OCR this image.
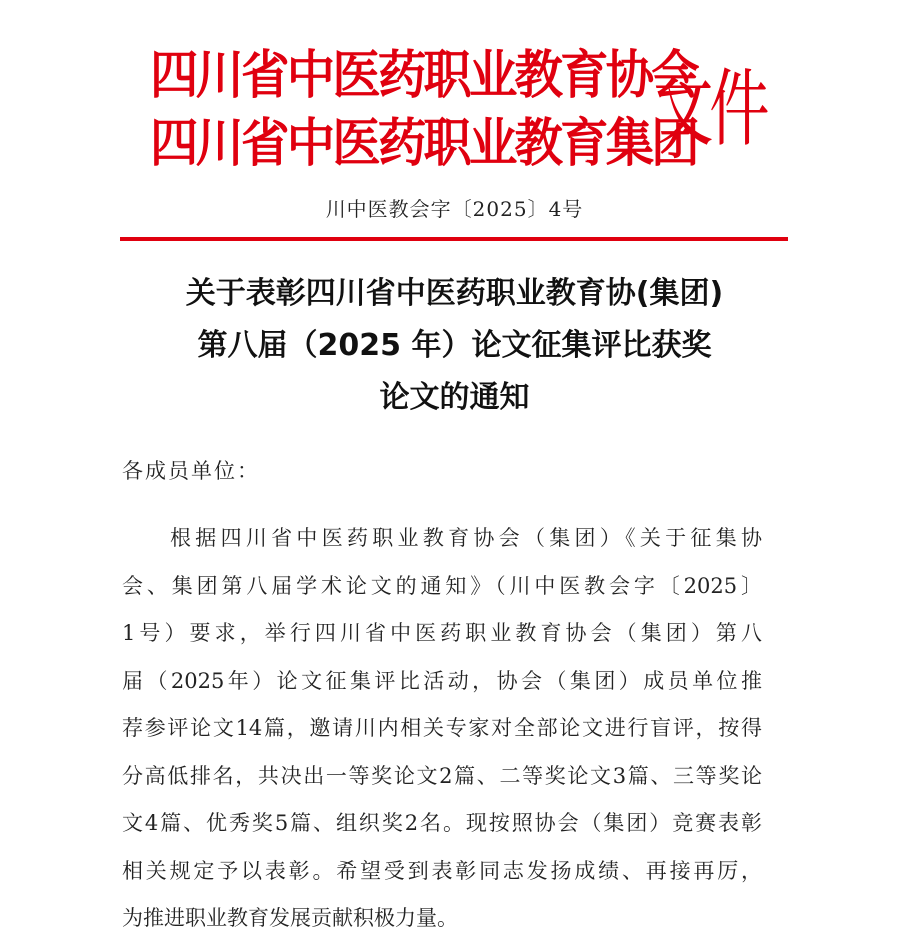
四川省中医药职业教育协会
四川省中医药职业教育集团
文件
川中医教会字〔2025〕4号
关于表彰四川省中医药职业教育协(集团)
第八届（2025 年）论文征集评比获奖
论文的通知
各成员单位：
根据四川省中医药职业教育协会（集团）《关于征集协
会、集团第八届学术论文的通知》（川中医教会字〔2025〕
1号）要求，举行四川省中医药职业教育协会（集团）第八
届（2025年）论文征集评比活动，协会（集团）成员单位推
荐参评论文14篇，邀请川内相关专家对全部论文进行盲评，按得
分高低排名，共决出一等奖论文2篇、二等奖论文3篇、三等奖论
文4篇、优秀奖5篇、组织奖2名。现按照协会（集团）竞赛表彰
相关规定予以表彰。希望受到表彰同志发扬成绩、再接再厉，
为推进职业教育发展贡献积极力量。
